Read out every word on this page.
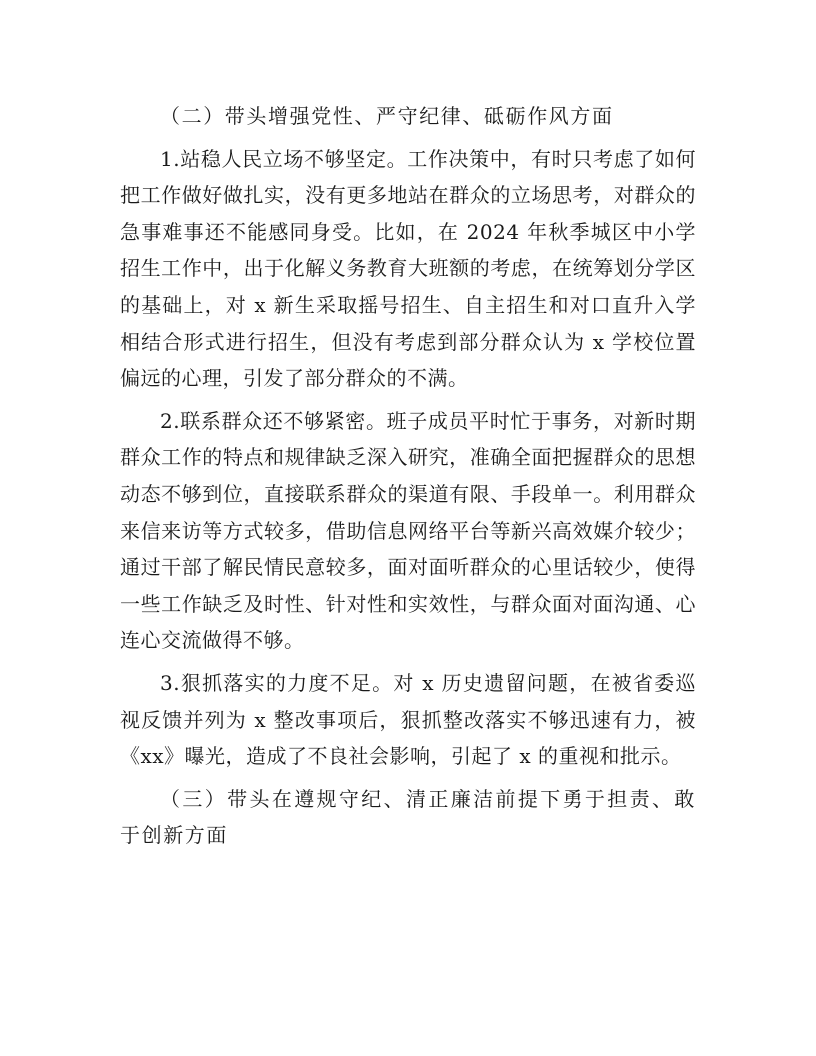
（二）带头增强党性、严守纪律、砥砺作风方面

1.站稳人民立场不够坚定。工作决策中，有时只考虑了如何把工作做好做扎实，没有更多地站在群众的立场思考，对群众的急事难事还不能感同身受。比如，在 2024 年秋季城区中小学招生工作中，出于化解义务教育大班额的考虑，在统筹划分学区的基础上，对 x 新生采取摇号招生、自主招生和对口直升入学相结合形式进行招生，但没有考虑到部分群众认为 x 学校位置偏远的心理，引发了部分群众的不满。

2.联系群众还不够紧密。班子成员平时忙于事务，对新时期群众工作的特点和规律缺乏深入研究，准确全面把握群众的思想动态不够到位，直接联系群众的渠道有限、手段单一。利用群众来信来访等方式较多，借助信息网络平台等新兴高效媒介较少；通过干部了解民情民意较多，面对面听群众的心里话较少，使得一些工作缺乏及时性、针对性和实效性，与群众面对面沟通、心连心交流做得不够。

3.狠抓落实的力度不足。对 x 历史遗留问题，在被省委巡视反馈并列为 x 整改事项后，狠抓整改落实不够迅速有力，被《xx》曝光，造成了不良社会影响，引起了 x 的重视和批示。

（三）带头在遵规守纪、清正廉洁前提下勇于担责、敢于创新方面
